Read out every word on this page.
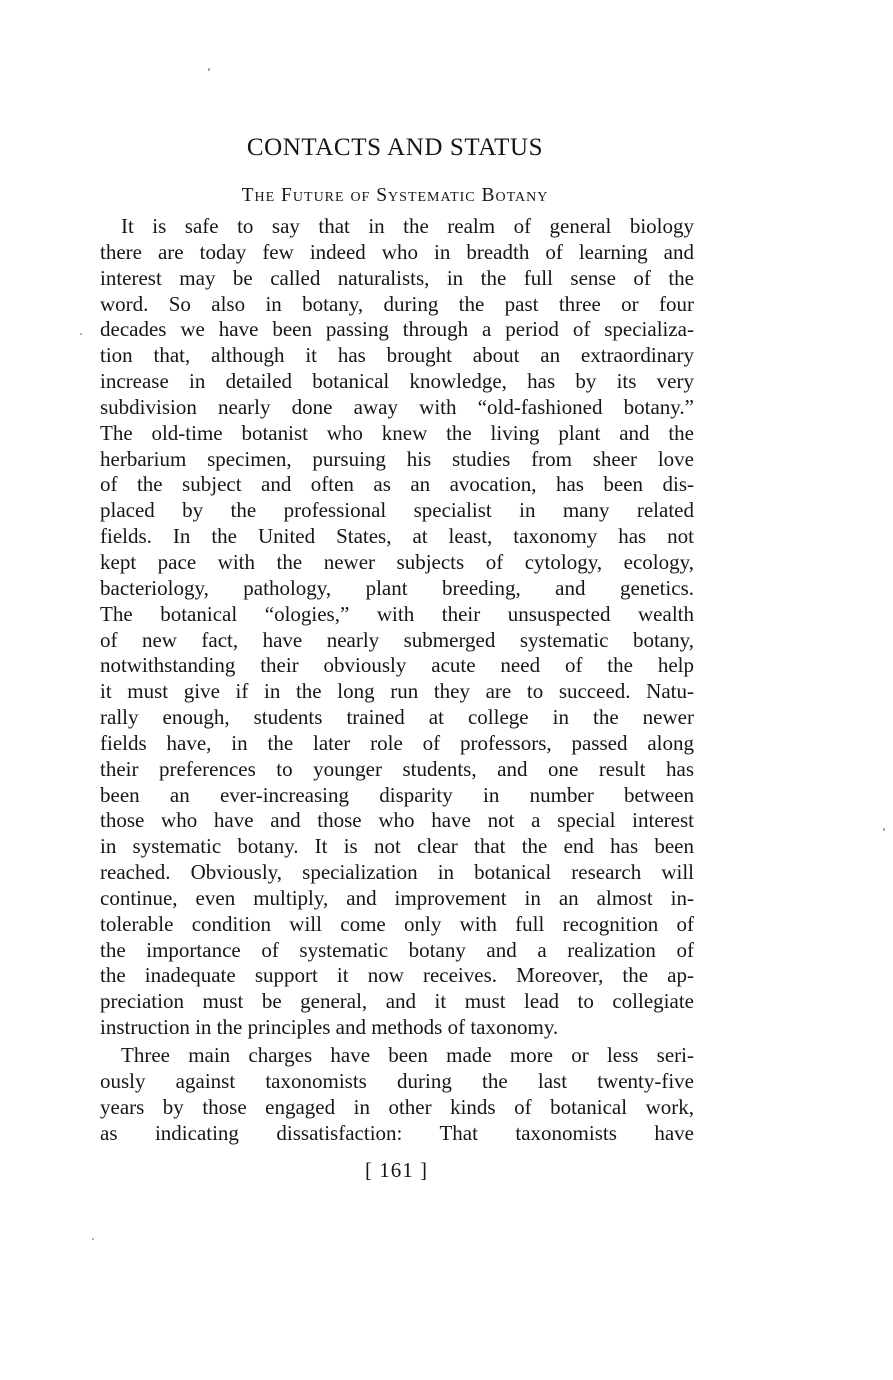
CONTACTS AND STATUS
The Future of Systematic Botany
It is safe to say that in the realm of general biology
there are today few indeed who in breadth of learning and
interest may be called naturalists, in the full sense of the
word. So also in botany, during the past three or four
decades we have been passing through a period of specializa-
tion that, although it has brought about an extraordinary
increase in detailed botanical knowledge, has by its very
subdivision nearly done away with “old-fashioned botany.”
The old-time botanist who knew the living plant and the
herbarium specimen, pursuing his studies from sheer love
of the subject and often as an avocation, has been dis-
placed by the professional specialist in many related
fields. In the United States, at least, taxonomy has not
kept pace with the newer subjects of cytology, ecology,
bacteriology, pathology, plant breeding, and genetics.
The botanical “ologies,” with their unsuspected wealth
of new fact, have nearly submerged systematic botany,
notwithstanding their obviously acute need of the help
it must give if in the long run they are to succeed. Natu-
rally enough, students trained at college in the newer
fields have, in the later role of professors, passed along
their preferences to younger students, and one result has
been an ever-increasing disparity in number between
those who have and those who have not a special interest
in systematic botany. It is not clear that the end has been
reached. Obviously, specialization in botanical research will
continue, even multiply, and improvement in an almost in-
tolerable condition will come only with full recognition of
the importance of systematic botany and a realization of
the inadequate support it now receives. Moreover, the ap-
preciation must be general, and it must lead to collegiate
instruction in the principles and methods of taxonomy.
Three main charges have been made more or less seri-
ously against taxonomists during the last twenty-five
years by those engaged in other kinds of botanical work,
as indicating dissatisfaction: That taxonomists have
[ 161 ]
